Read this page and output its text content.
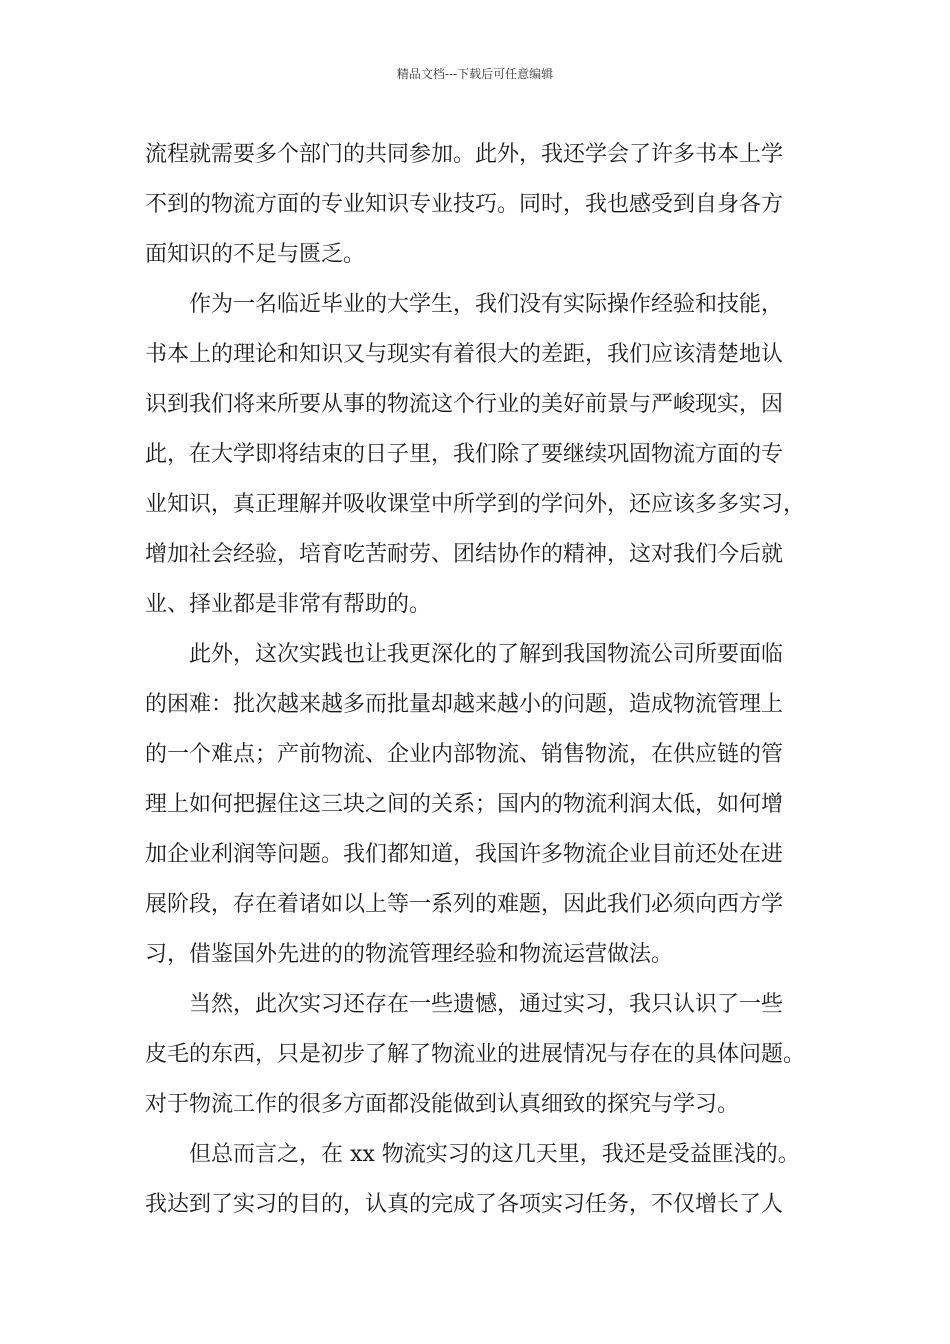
精品文档---下载后可任意编辑
流程就需要多个部门的共同参加。此外，我还学会了许多书本上学
不到的物流方面的专业知识专业技巧。同时，我也感受到自身各方
面知识的不足与匮乏。
作为一名临近毕业的大学生，我们没有实际操作经验和技能，
书本上的理论和知识又与现实有着很大的差距，我们应该清楚地认
识到我们将来所要从事的物流这个行业的美好前景与严峻现实，因
此，在大学即将结束的日子里，我们除了要继续巩固物流方面的专
业知识，真正理解并吸收课堂中所学到的学问外，还应该多多实习，
增加社会经验，培育吃苦耐劳、团结协作的精神，这对我们今后就
业、择业都是非常有帮助的。
此外，这次实践也让我更深化的了解到我国物流公司所要面临
的困难：批次越来越多而批量却越来越小的问题，造成物流管理上
的一个难点；产前物流、企业内部物流、销售物流，在供应链的管
理上如何把握住这三块之间的关系；国内的物流利润太低，如何增
加企业利润等问题。我们都知道，我国许多物流企业目前还处在进
展阶段，存在着诸如以上等一系列的难题，因此我们必须向西方学
习，借鉴国外先进的的物流管理经验和物流运营做法。
当然，此次实习还存在一些遗憾，通过实习，我只认识了一些
皮毛的东西，只是初步了解了物流业的进展情况与存在的具体问题。
对于物流工作的很多方面都没能做到认真细致的探究与学习。
但总而言之，在 xx 物流实习的这几天里，我还是受益匪浅的。
我达到了实习的目的，认真的完成了各项实习任务，不仅增长了人
